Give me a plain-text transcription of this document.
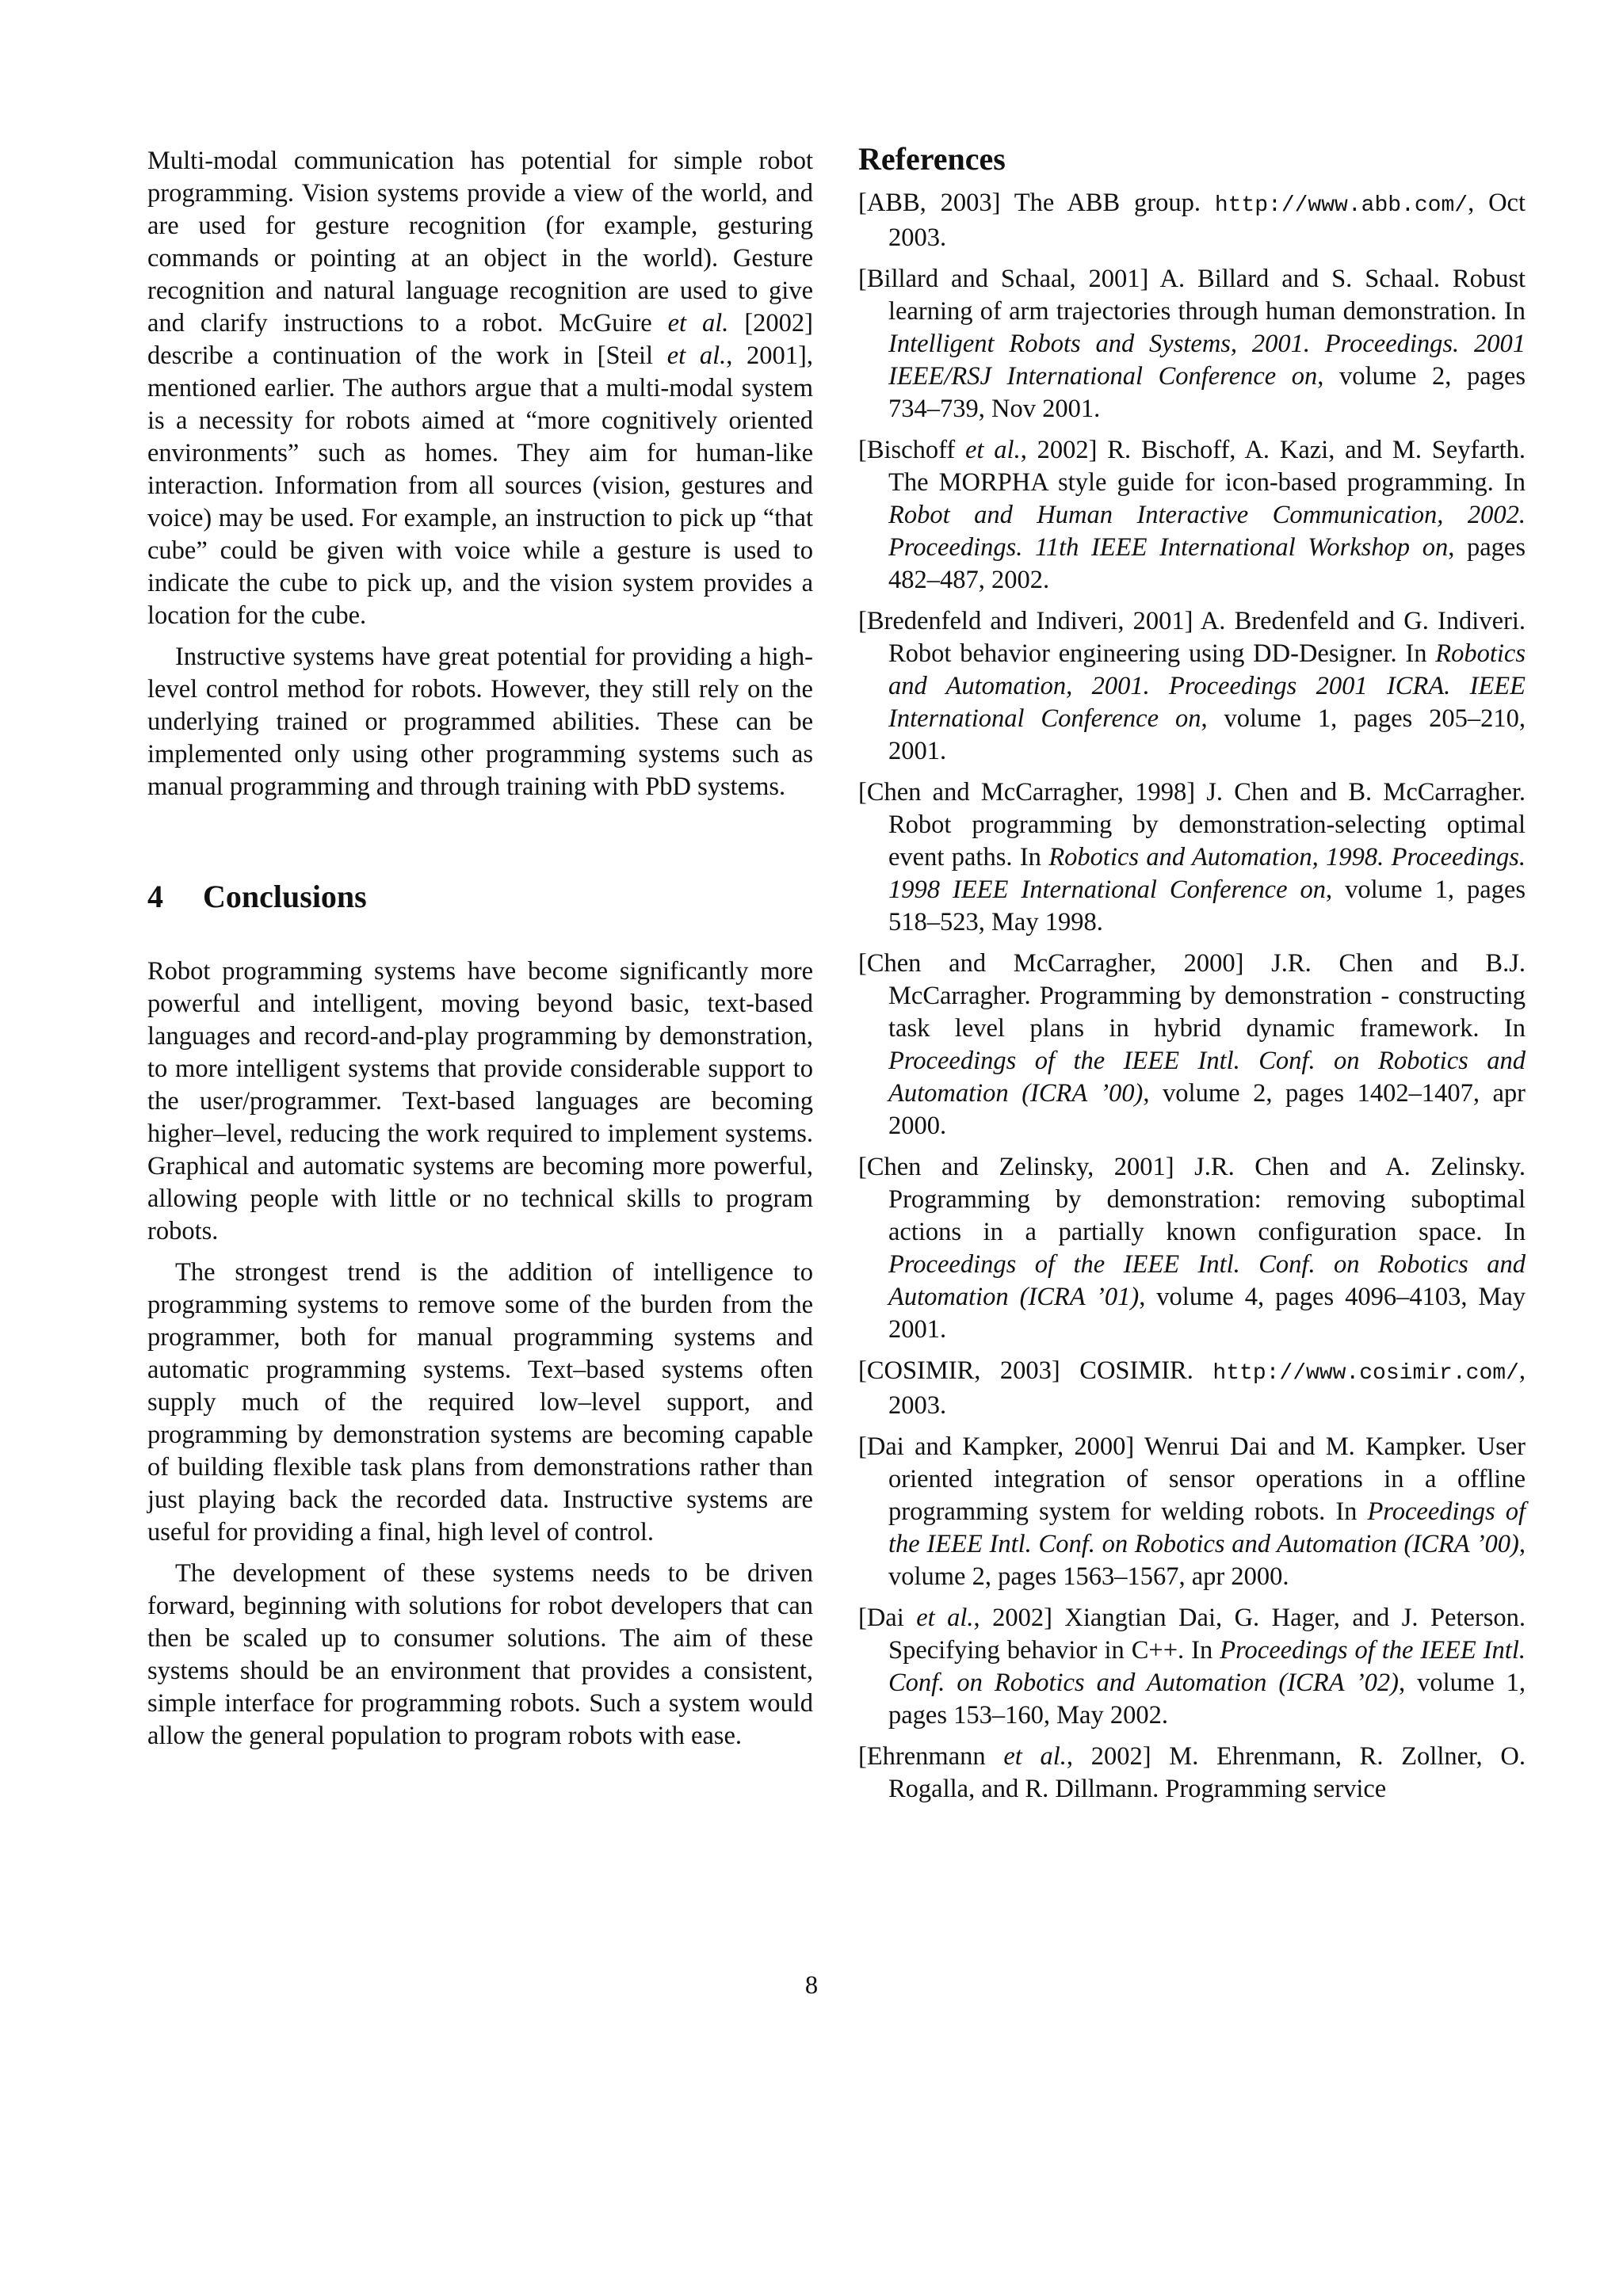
Multi-modal communication has potential for simple robot programming. Vision systems provide a view of the world, and are used for gesture recognition (for example, gesturing commands or pointing at an object in the world). Gesture recognition and natural language recognition are used to give and clarify instructions to a robot. McGuire et al. [2002] describe a continuation of the work in [Steil et al., 2001], mentioned earlier. The authors argue that a multi-modal system is a necessity for robots aimed at “more cognitively oriented environments” such as homes. They aim for human-like interaction. Information from all sources (vision, gestures and voice) may be used. For example, an instruction to pick up “that cube” could be given with voice while a gesture is used to indicate the cube to pick up, and the vision system provides a location for the cube.

Instructive systems have great potential for providing a high-level control method for robots. However, they still rely on the underlying trained or programmed abilities. These can be implemented only using other programming systems such as manual programming and through training with PbD systems.

4 Conclusions

Robot programming systems have become significantly more powerful and intelligent, moving beyond basic, text-based languages and record-and-play programming by demonstration, to more intelligent systems that provide considerable support to the user/programmer. Text-based languages are becoming higher–level, reducing the work required to implement systems. Graphical and automatic systems are becoming more powerful, allowing people with little or no technical skills to program robots.

The strongest trend is the addition of intelligence to programming systems to remove some of the burden from the programmer, both for manual programming systems and automatic programming systems. Text–based systems often supply much of the required low–level support, and programming by demonstration systems are becoming capable of building flexible task plans from demonstrations rather than just playing back the recorded data. Instructive systems are useful for providing a final, high level of control.

The development of these systems needs to be driven forward, beginning with solutions for robot developers that can then be scaled up to consumer solutions. The aim of these systems should be an environment that provides a consistent, simple interface for programming robots. Such a system would allow the general population to program robots with ease.

References

[ABB, 2003] The ABB group. http://www.abb.com/, Oct 2003.

[Billard and Schaal, 2001] A. Billard and S. Schaal. Robust learning of arm trajectories through human demonstration. In Intelligent Robots and Systems, 2001. Proceedings. 2001 IEEE/RSJ International Conference on, volume 2, pages 734–739, Nov 2001.

[Bischoff et al., 2002] R. Bischoff, A. Kazi, and M. Seyfarth. The MORPHA style guide for icon-based programming. In Robot and Human Interactive Communication, 2002. Proceedings. 11th IEEE International Workshop on, pages 482–487, 2002.

[Bredenfeld and Indiveri, 2001] A. Bredenfeld and G. Indiveri. Robot behavior engineering using DD-Designer. In Robotics and Automation, 2001. Proceedings 2001 ICRA. IEEE International Conference on, volume 1, pages 205–210, 2001.

[Chen and McCarragher, 1998] J. Chen and B. McCarragher. Robot programming by demonstration-selecting optimal event paths. In Robotics and Automation, 1998. Proceedings. 1998 IEEE International Conference on, volume 1, pages 518–523, May 1998.

[Chen and McCarragher, 2000] J.R. Chen and B.J. McCarragher. Programming by demonstration - constructing task level plans in hybrid dynamic framework. In Proceedings of the IEEE Intl. Conf. on Robotics and Automation (ICRA ’00), volume 2, pages 1402–1407, apr 2000.

[Chen and Zelinsky, 2001] J.R. Chen and A. Zelinsky. Programming by demonstration: removing suboptimal actions in a partially known configuration space. In Proceedings of the IEEE Intl. Conf. on Robotics and Automation (ICRA ’01), volume 4, pages 4096–4103, May 2001.

[COSIMIR, 2003] COSIMIR. http://www.cosimir.com/, 2003.

[Dai and Kampker, 2000] Wenrui Dai and M. Kampker. User oriented integration of sensor operations in a offline programming system for welding robots. In Proceedings of the IEEE Intl. Conf. on Robotics and Automation (ICRA ’00), volume 2, pages 1563–1567, apr 2000.

[Dai et al., 2002] Xiangtian Dai, G. Hager, and J. Peterson. Specifying behavior in C++. In Proceedings of the IEEE Intl. Conf. on Robotics and Automation (ICRA ’02), volume 1, pages 153–160, May 2002.

[Ehrenmann et al., 2002] M. Ehrenmann, R. Zollner, O. Rogalla, and R. Dillmann. Programming service

8
